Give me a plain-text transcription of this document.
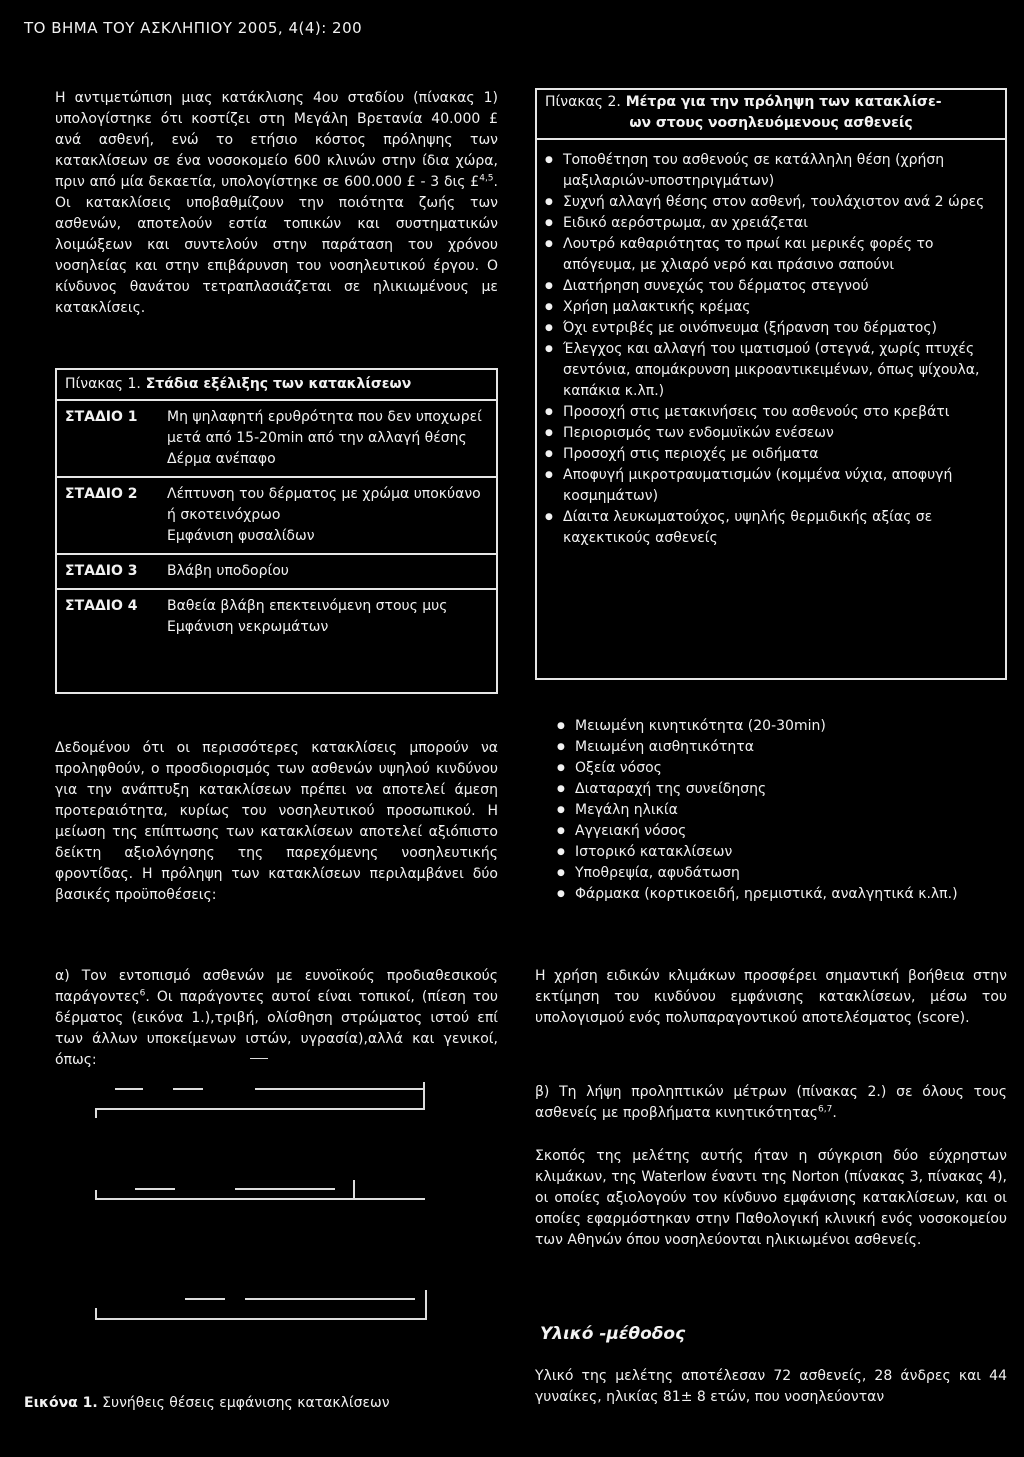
ΤΟ ΒΗΜΑ ΤΟΥ ΑΣΚΛΗΠΙΟΥ 2005, 4(4): 200

Η αντιμετώπιση μιας κατάκλισης 4ου σταδίου (πίνακας 1) υπολογίστηκε ότι κοστίζει στη Μεγάλη Βρετανία 40.000 £ ανά ασθενή, ενώ το ετήσιο κόστος πρόληψης των κατακλίσεων σε ένα νοσοκομείο 600 κλινών στην ίδια χώρα, πριν από μία δεκαετία, υπολογίστηκε σε 600.000 £ - 3 δις £$^{4,5}$. Οι κατακλίσεις υποβαθμίζουν την ποιότητα ζωής των ασθενών, αποτελούν εστία τοπικών και συστηματικών λοιμώξεων και συντελούν στην παράταση του χρόνου νοσηλείας και στην επιβάρυνση του νοσηλευτικού έργου. Ο κίνδυνος θανάτου τετραπλασιάζεται σε ηλικιωμένους με κατακλίσεις.

Πίνακας 1. Στάδια εξέλιξης των κατακλίσεων
ΣΤΑΔΙΟ 1	Μη ψηλαφητή ερυθρότητα που δεν υποχωρεί μετά από 15-20min από την αλλαγή θέσης
Δέρμα ανέπαφο
ΣΤΑΔΙΟ 2	Λέπτυνση του δέρματος με χρώμα υποκύανο ή σκοτεινόχρωο
Εμφάνιση φυσαλίδων
ΣΤΑΔΙΟ 3	Βλάβη υποδορίου
ΣΤΑΔΙΟ 4	Βαθεία βλάβη επεκτεινόμενη στους μυς
Εμφάνιση νεκρωμάτων

Δεδομένου ότι οι περισσότερες κατακλίσεις μπορούν να προληφθούν, ο προσδιορισμός των ασθενών υψηλού κινδύνου για την ανάπτυξη κατακλίσεων πρέπει να αποτελεί άμεση προτεραιότητα, κυρίως του νοσηλευτικού προσωπικού. Η μείωση της επίπτωσης των κατακλίσεων αποτελεί αξιόπιστο δείκτη αξιολόγησης της παρεχόμενης νοσηλευτικής φροντίδας. Η πρόληψη των κατακλίσεων περιλαμβάνει δύο βασικές προϋποθέσεις:

α) Τον εντοπισμό ασθενών με ευνοϊκούς προδιαθεσικούς παράγοντες$^6$. Οι παράγοντες αυτοί είναι τοπικοί, (πίεση του δέρματος (εικόνα 1.),τριβή, ολίσθηση στρώματος ιστού επί των άλλων υποκείμενων ιστών, υγρασία),αλλά και γενικοί, όπως:

Εικόνα 1. Συνήθεις θέσεις εμφάνισης κατακλίσεων
Πίνακας 2. Μέτρα για την πρόληψη των κατακλίσε-
ων στους νοσηλευόμενους ασθενείς
● Τοποθέτηση του ασθενούς σε κατάλληλη θέση (χρήση μαξιλαριών-υποστηριγμάτων)
● Συχνή αλλαγή θέσης στον ασθενή, τουλάχιστον ανά 2 ώρες
● Ειδικό αερόστρωμα, αν χρειάζεται
● Λουτρό καθαριότητας το πρωί και μερικές φορές το απόγευμα, με χλιαρό νερό και πράσινο σαπούνι
● Διατήρηση συνεχώς του δέρματος στεγνού
● Χρήση μαλακτικής κρέμας
● Όχι εντριβές με οινόπνευμα (ξήρανση του δέρματος)
● Έλεγχος και αλλαγή του ιματισμού (στεγνά, χωρίς πτυχές σεντόνια, απομάκρυνση μικροαντικειμένων, όπως ψίχουλα, καπάκια κ.λπ.)
● Προσοχή στις μετακινήσεις του ασθενούς στο κρεβάτι
● Περιορισμός των ενδομυϊκών ενέσεων
● Προσοχή στις περιοχές με οιδήματα
● Αποφυγή μικροτραυματισμών (κομμένα νύχια, αποφυγή κοσμημάτων)
● Δίαιτα λευκωματούχος, υψηλής θερμιδικής αξίας σε καχεκτικούς ασθενείς
● Μειωμένη κινητικότητα (20-30min)
● Μειωμένη αισθητικότητα
● Οξεία νόσος
● Διαταραχή της συνείδησης
● Μεγάλη ηλικία
● Αγγειακή νόσος
● Ιστορικό κατακλίσεων
● Υποθρεψία, αφυδάτωση
● Φάρμακα (κορτικοειδή, ηρεμιστικά, αναλγητικά κ.λπ.)

Η χρήση ειδικών κλιμάκων προσφέρει σημαντική βοήθεια στην εκτίμηση του κινδύνου εμφάνισης κατακλίσεων, μέσω του υπολογισμού ενός πολυπαραγοντικού αποτελέσματος (score).

β) Τη λήψη προληπτικών μέτρων (πίνακας 2.) σε όλους τους ασθενείς με προβλήματα κινητικότητας$^{6,7}$.

Σκοπός της μελέτης αυτής ήταν η σύγκριση δύο εύχρηστων κλιμάκων, της Waterlow έναντι της Norton (πίνακας 3, πίνακας 4), οι οποίες αξιολογούν τον κίνδυνο εμφάνισης κατακλίσεων, και οι οποίες εφαρμόστηκαν στην Παθολογική κλινική ενός νοσοκομείου των Αθηνών όπου νοσηλεύονται ηλικιωμένοι ασθενείς.

Υλικό -μέθοδος

Υλικό της μελέτης αποτέλεσαν 72 ασθενείς, 28 άνδρες και 44 γυναίκες, ηλικίας 81± 8 ετών, που νοσηλεύονταν
